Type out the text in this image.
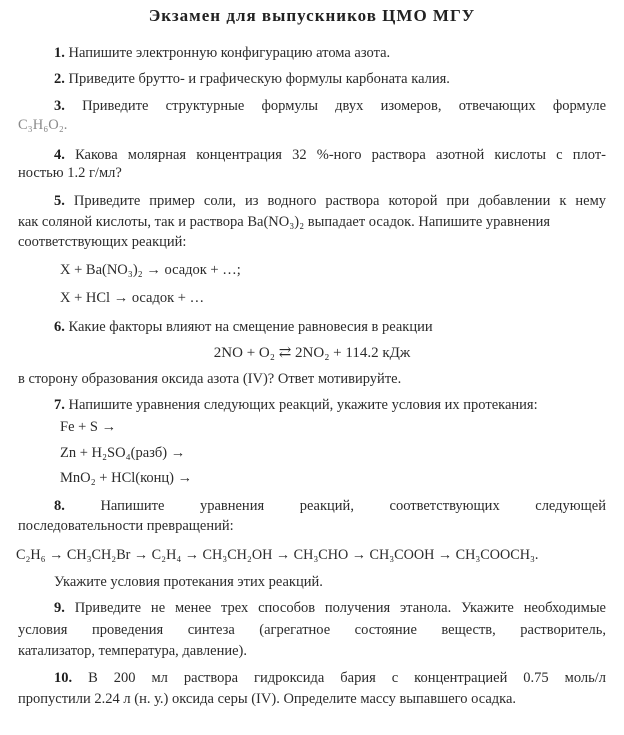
Экзамен для выпускников ЦМО МГУ
1. Напишите электронную конфигурацию атома азота.
2. Приведите брутто- и графическую формулы карбоната калия.
3. Приведите структурные формулы двух изомеров, отвечающих формуле
C₃H₆O₂.
4. Какова молярная концентрация 32 %-ного раствора азотной кислоты с плот-
ностью 1.2 г/мл?
5. Приведите пример соли, из водного раствора которой при добавлении к нему
как соляной кислоты, так и раствора Ba(NO₃)₂ выпадает осадок. Напишите уравнения
соответствующих реакций:
X + Ba(NO₃)₂ → осадок + …;
X + HCl → осадок + …
6. Какие факторы влияют на смещение равновесия в реакции
2NO + O₂ ⇄ 2NO₂ + 114.2 кДж
в сторону образования оксида азота (IV)? Ответ мотивируйте.
7. Напишите уравнения следующих реакций, укажите условия их протекания:
Fe + S →
Zn + H₂SO₄(разб) →
MnO₂ + HCl(конц) →
8. Напишите уравнения реакций, соответствующих следующей
последовательности превращений:
C₂H₆ → CH₃CH₂Br → C₂H₄ → CH₃CH₂OH → CH₃CHO → CH₃COOH → CH₃COOCH₃.
Укажите условия протекания этих реакций.
9. Приведите не менее трех способов получения этанола. Укажите необходимые
условия проведения синтеза (агрегатное состояние веществ, растворитель,
катализатор, температура, давление).
10. В 200 мл раствора гидроксида бария с концентрацией 0.75 моль/л
пропустили 2.24 л (н. у.) оксида серы (IV). Определите массу выпавшего осадка.
